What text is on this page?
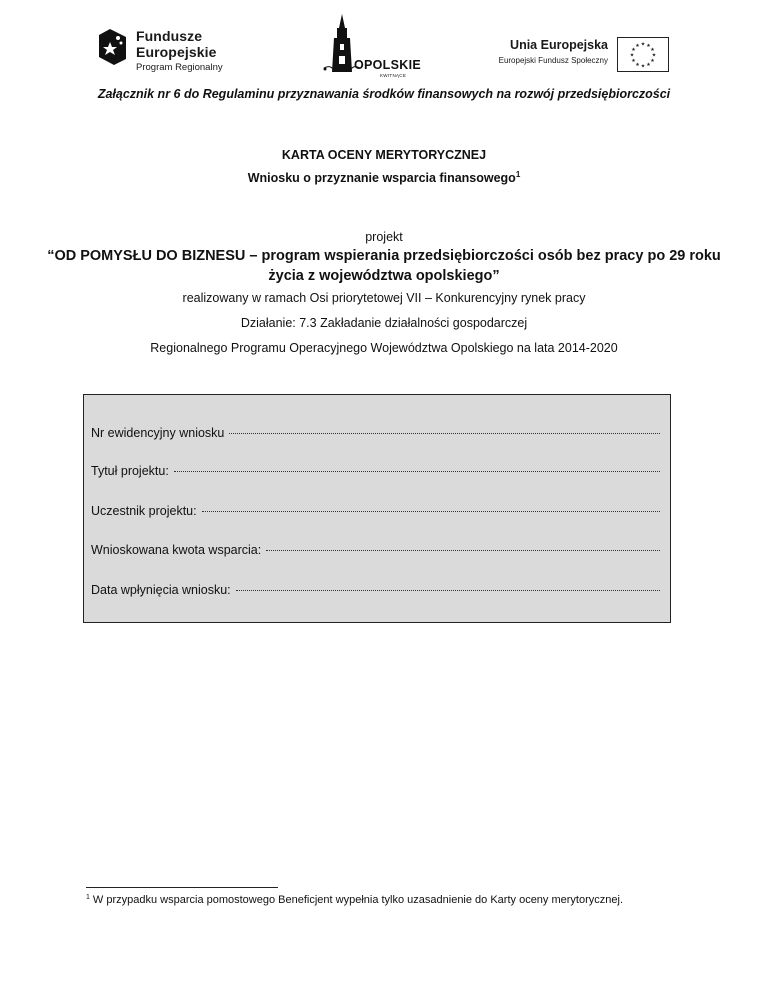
Fundusze
Europejskie
Program Regionalny	OPOLSKIE
KWITNĄCE
Unia Europejska
Europejski Fundusz Społeczny
★ ★
★
★
★
★
★
★
★
★
★
★
Załącznik nr 6 do Regulaminu przyznawania środków finansowych na rozwój przedsiębiorczości
KARTA OCENY MERYTORYCZNEJ
Wniosku o przyznanie wsparcia finansowego$^1$
projekt
“OD POMYSŁU DO BIZNESU – program wspierania przedsiębiorczości osób bez pracy po 29 roku życia z województwa opolskiego”
realizowany w ramach Osi priorytetowej VII – Konkurencyjny rynek pracy
Działanie: 7.3 Zakładanie działalności gospodarczej
Regionalnego Programu Operacyjnego Województwa Opolskiego na lata 2014-2020
Nr ewidencyjny wniosku
Tytuł projektu:
Uczestnik projektu:
Wnioskowana kwota wsparcia:
Data wpłynięcia wniosku:
$^1$ W przypadku wsparcia pomostowego Beneficjent wypełnia tylko uzasadnienie do Karty oceny merytorycznej.
